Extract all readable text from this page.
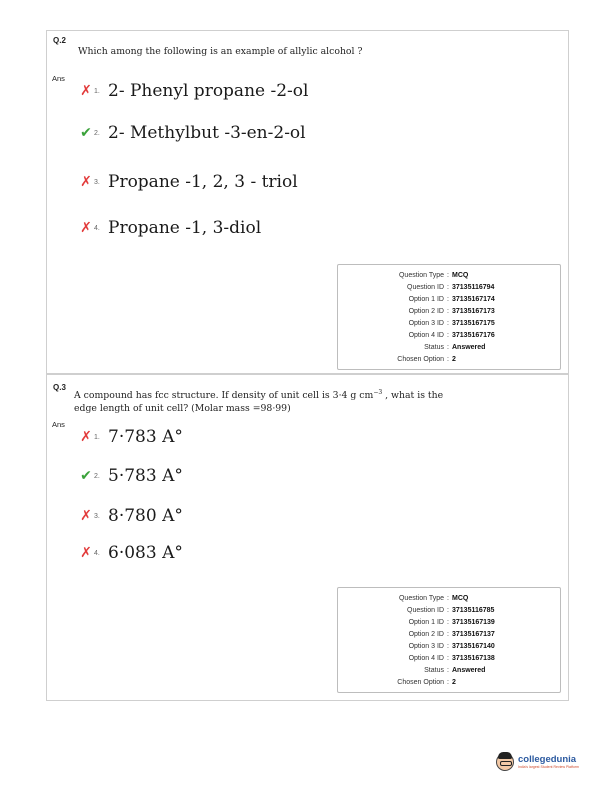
Q.2
Which among the following is an example of allylic alcohol ?
Ans
✗ 1. 2- Phenyl propane -2-ol
✔ 2. 2- Methylbut -3-en-2-ol
✗ 3. Propane -1, 2, 3 - triol
✗ 4. Propane -1, 3-diol
Question Type : MCQ
Question ID : 37135116794
Option 1 ID : 37135167174
Option 2 ID : 37135167173
Option 3 ID : 37135167175
Option 4 ID : 37135167176
Status : Answered
Chosen Option : 2
Q.3
A compound has fcc structure. If density of unit cell is 3·4 g $cm^{-3}$ , what is the
edge length of unit cell? (Molar mass =98·99)
Ans
✗ 1. 7·783 A°
✔ 2. 5·783 A°
✗ 3. 8·780 A°
✗ 4. 6·083 A°
Question Type : MCQ
Question ID : 37135116785
Option 1 ID : 37135167139
Option 2 ID : 37135167137
Option 3 ID : 37135167140
Option 4 ID : 37135167138
Status : Answered
Chosen Option : 2
collegedunia
India's largest Student Review Platform
